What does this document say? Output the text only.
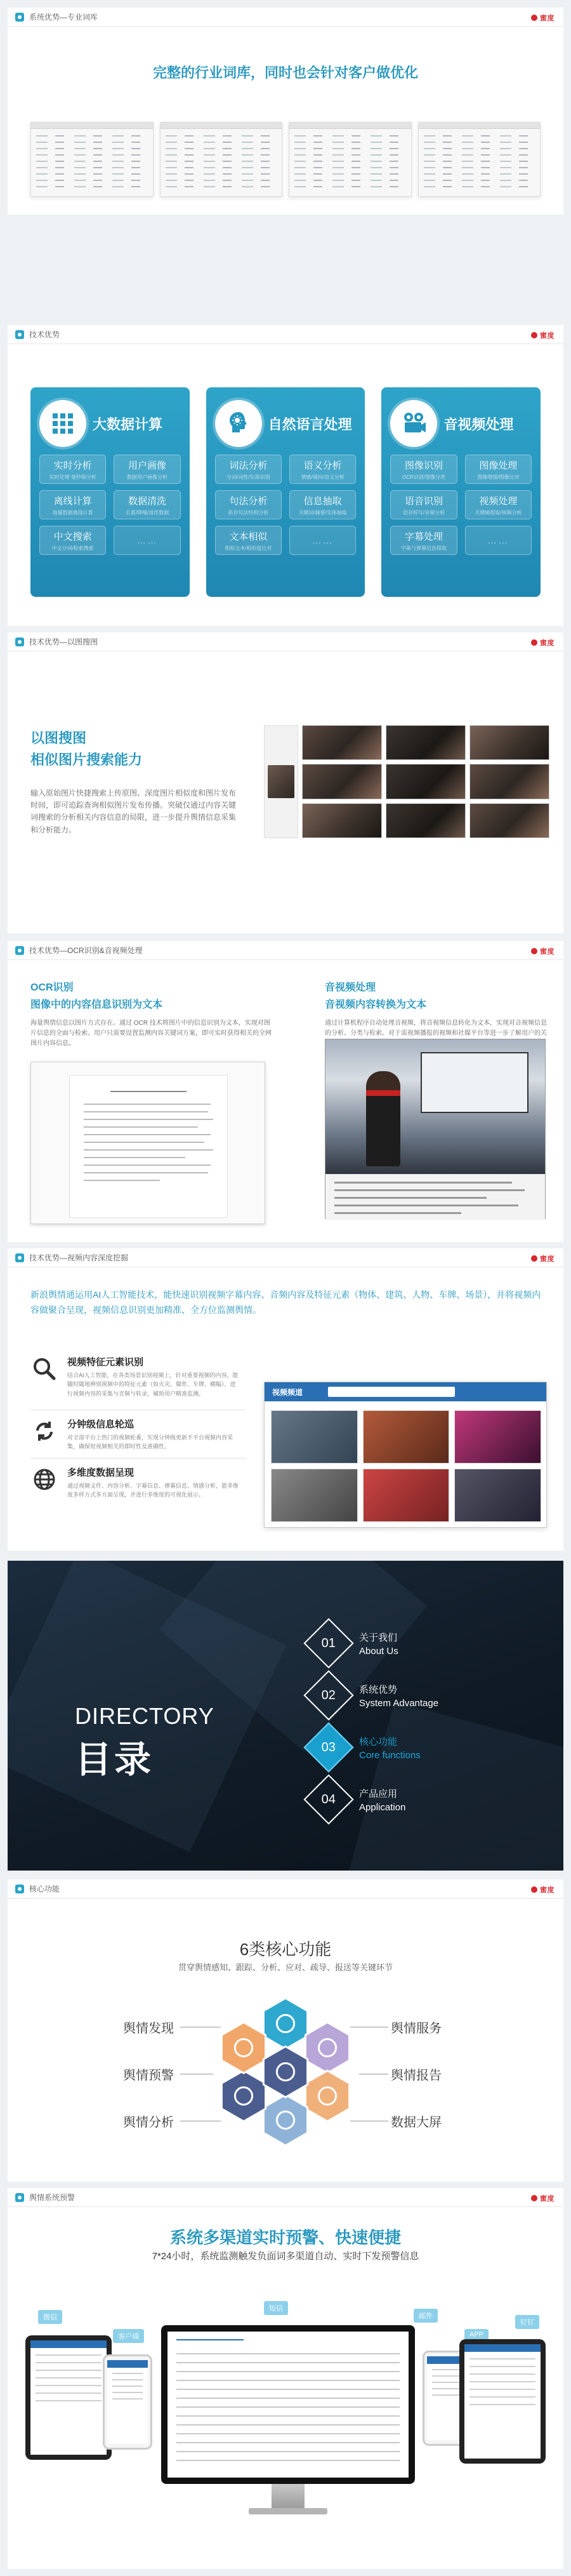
系统优势—专业词库	蜜度
完整的行业词库，同时也会针对客户做优化
技术优势	蜜度
大数据计算
实时分析
实时处理 毫秒级分析
用户画像
数据用户画像分析
离线计算
海量数据离线计算
数据清洗
去重/降噪/清洗数据
中文搜索
中文分词/检索搜索
……
自然语言处理
词法分析
分词/词性/实体识别
语义分析
情感/倾向/语义分析
句法分析
依存句法结构分析
信息抽取
关键词/摘要/实体抽取
文本相似
相似文本/相似度比对
……
音视频处理
图像识别
OCR识别/图像分类
图像处理
图像增强/图像比对
语音识别
语音转写/音频分析
视频处理
关键帧提取/视频分析
字幕处理
字幕与弹幕信息提取
……
技术优势—以图搜图	蜜度
以图搜图
相似图片搜索能力
输入原始图片快捷搜索上传原图、深度图片相似度和图片发布时间，即可追踪查询相似图片发布传播。突破仅通过内容关键词搜索的分析相关内容信息的局限，进一步提升舆情信息采集和分析能力。
技术优势—OCR识别&音视频处理	蜜度
OCR识别
图像中的内容信息识别为文本
海量舆情信息以图片方式存在。通过 OCR 技术将图片中的信息识别为文本，实现对图片信息的全面与检索。用户只需要设置监测内容关键词方案，即可实时获得相关的全网图片内容信息。
音视频处理
音视频内容转换为文本
通过计算机程序自动处理音视频，将音视频信息转化为文本，实现对音视频信息的分析、分类与检索。对于需视频播报的视频和社媒平台等进一步了解用户的关
技术优势—视频内容深度挖掘	蜜度
新浪舆情通运用AI人工智能技术，能快速识别视频字幕内容、音频内容及特征元素（物体、建筑、人物、车牌、场景），并将视频内容做聚合呈现，视频信息识别更加精准、全方位监测舆情。
视频特征元素识别
结合AI人工智能，在各类场景识别视频上，针对重要视频的内容，能随时随地辨别视频中的特征元素（如火灾、爆炸、车牌、横幅），进行视频内容的采集与音频与转录，辅助用户精准监测。
分钟级信息轮巡
对全部平台上热门的视频轮番，实现分钟级更新不平台视频内容采集，确保短视频相关的即时性及准确性。
多维度数据呈现
通过视频文件、内容分析、字幕信息、弹幕信息、情感分析，能多维度多样方式多方面呈现，并进行多维度的可视化展示。
视频频道
DIRECTORY
目录
01 关于我们
About Us
02 系统优势
System Advantage
03 核心功能
Core functions
04 产品应用
Application
核心功能	蜜度
6类核心功能
贯穿舆情感知、跟踪、分析、应对、疏导、报送等关键环节
舆情发现
舆情预警
舆情分析
舆情服务
舆情报告
数据大屏
舆情系统预警	蜜度
系统多渠道实时预警、快速便捷
7*24小时，系统监测触发负面词多渠道自动、实时下发预警信息
微信
客户端
短信
邮件
APP
钉钉
